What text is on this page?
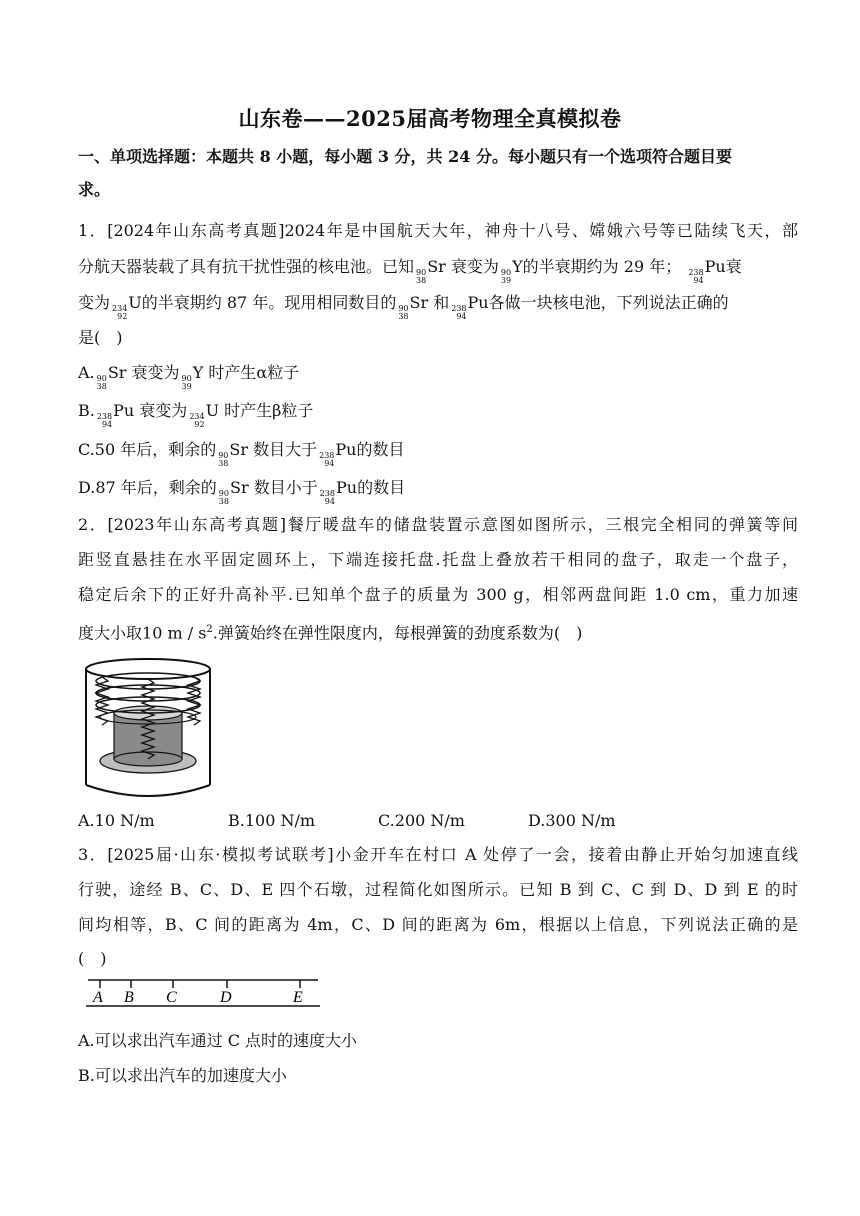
山东卷——2025届高考物理全真模拟卷
一、单项选择题：本题共 8 小题，每小题 3 分，共 24 分。每小题只有一个选项符合题目要
求。
1．[2024年山东高考真题]2024年是中国航天大年，神舟十八号、嫦娥六号等已陆续飞天，部
分航天器装载了具有抗干扰性强的核电池。已知 90
38
Sr 衰变为 90
39
Y的半衰期约为 29 年； 238
94
Pu衰
变为 234
92
U的半衰期约 87 年。现用相同数目的 90
38
Sr 和 238
94
Pu各做一块核电池，下列说法正确的
是(　)
A. 90
38
Sr 衰变为 90
39
Y 时产生α粒子
B. 238
94
Pu 衰变为 234
92
U 时产生β粒子
C.50 年后，剩余的 90
38
Sr 数目大于 238
94
Pu的数目
D.87 年后，剩余的 90
38
Sr 数目小于 238
94
Pu的数目
2．[2023年山东高考真题]餐厅暖盘车的储盘装置示意图如图所示，三根完全相同的弹簧等间
距竖直悬挂在水平固定圆环上，下端连接托盘.托盘上叠放若干相同的盘子，取走一个盘子，
稳定后余下的正好升高补平.已知单个盘子的质量为 300 g，相邻两盘间距 1.0 cm，重力加速
度大小取10 m / $s^2$.弹簧始终在弹性限度内，每根弹簧的劲度系数为(　)
A.10 N/m	B.100 N/m	C.200 N/m	D.300 N/m
3．[2025届·山东·模拟考试联考]小金开车在村口 A 处停了一会，接着由静止开始匀加速直线
行驶，途经 B、C、D、E 四个石墩，过程简化如图所示。已知 B 到 C、C 到 D、D 到 E 的时
间均相等，B、C 间的距离为 4m，C、D 间的距离为 6m，根据以上信息，下列说法正确的是
(　)
A B C	D	E
A.可以求出汽车通过 C 点时的速度大小
B.可以求出汽车的加速度大小
